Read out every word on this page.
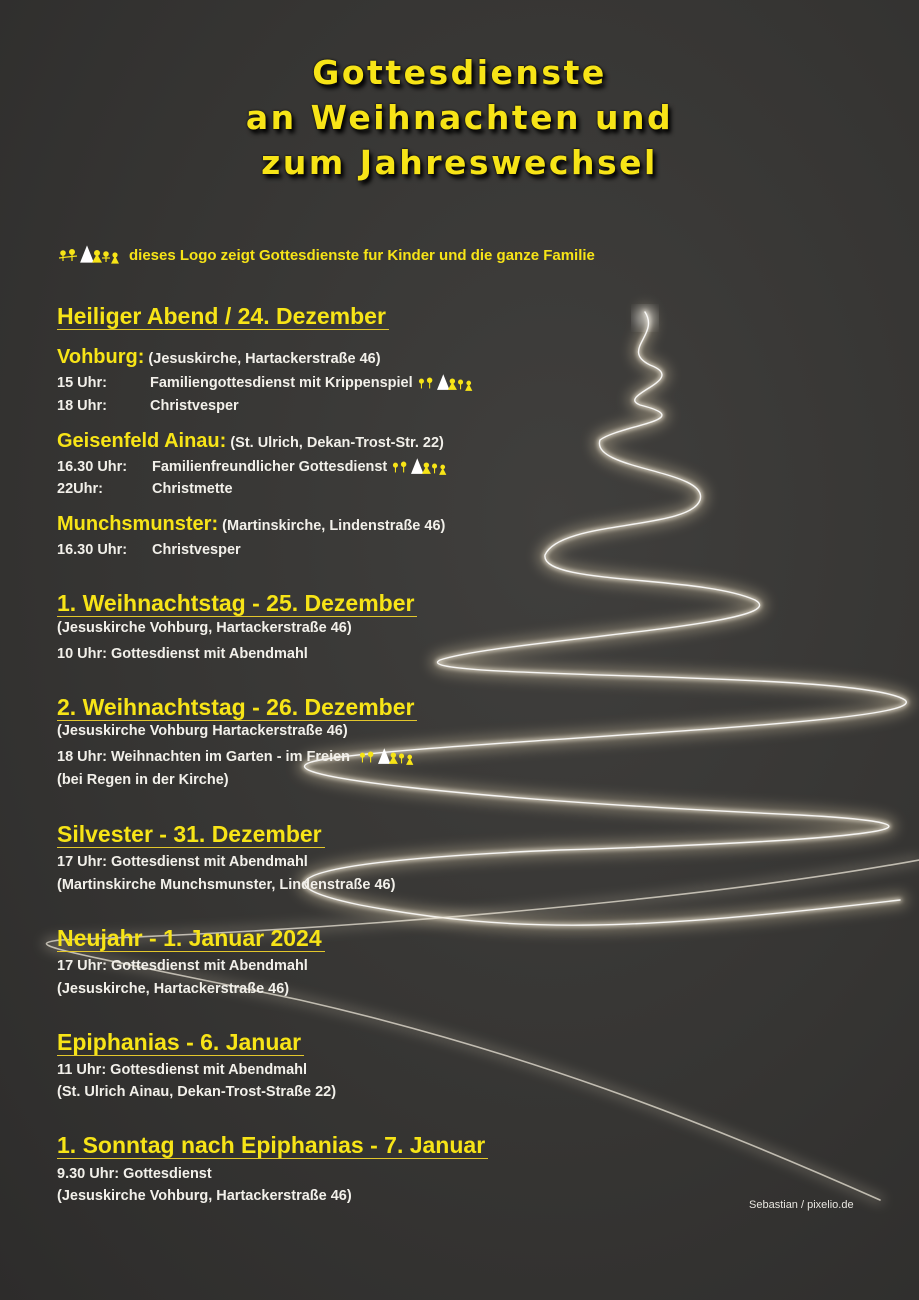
Gottesdienste
an Weihnachten und
zum Jahreswechsel
dieses Logo zeigt Gottesdienste fur Kinder und die ganze Familie
Heiliger Abend / 24. Dezember
Vohburg: (Jesuskirche, Hartackerstraße 46)
15 Uhr:	Familiengottesdienst mit Krippenspiel
18 Uhr:	Christvesper
Geisenfeld Ainau: (St. Ulrich, Dekan-Trost-Str. 22)
16.30 Uhr:	Familienfreundlicher Gottesdienst
22Uhr:	Christmette
Munchsmunster: (Martinskirche, Lindenstraße 46)
16.30 Uhr:	Christvesper
1. Weihnachtstag - 25. Dezember
(Jesuskirche Vohburg, Hartackerstraße 46)
10 Uhr: Gottesdienst mit Abendmahl
2. Weihnachtstag - 26. Dezember
(Jesuskirche Vohburg Hartackerstraße 46)
18 Uhr: Weihnachten im Garten - im Freien
(bei Regen in der Kirche)
Silvester - 31. Dezember
17 Uhr: Gottesdienst mit Abendmahl
(Martinskirche Munchsmunster, Lindenstraße 46)
Neujahr - 1. Januar 2024
17 Uhr: Gottesdienst mit Abendmahl
(Jesuskirche, Hartackerstraße 46)
Epiphanias - 6. Januar
11 Uhr: Gottesdienst mit Abendmahl
(St. Ulrich Ainau, Dekan-Trost-Straße 22)
1. Sonntag nach Epiphanias - 7. Januar
9.30 Uhr: Gottesdienst
(Jesuskirche Vohburg, Hartackerstraße 46)
Sebastian / pixelio.de
